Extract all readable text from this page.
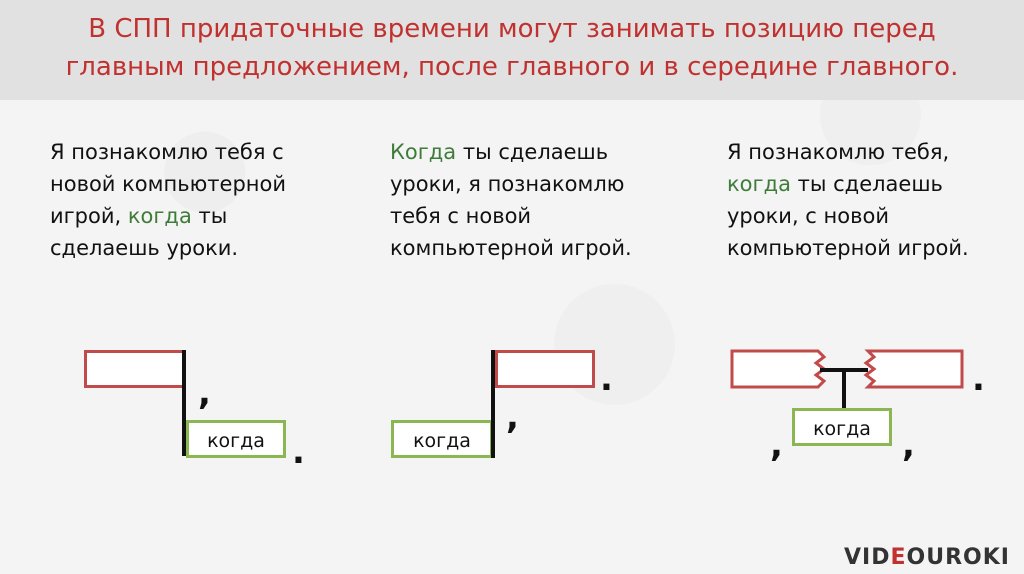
В СПП придаточные времени могут занимать позицию перед
главным предложением, после главного и в середине главного.

Я познакомлю тебя с
новой компьютерной
игрой, когда ты
сделаешь уроки.

Когда ты сделаешь
уроки, я познакомлю
тебя с новой
компьютерной игрой.

Я познакомлю тебя,
когда ты сделаешь
уроки, с новой
компьютерной игрой.

,
когда .	когда
,
.
когда
,	,
.
VIDEOUROKI
